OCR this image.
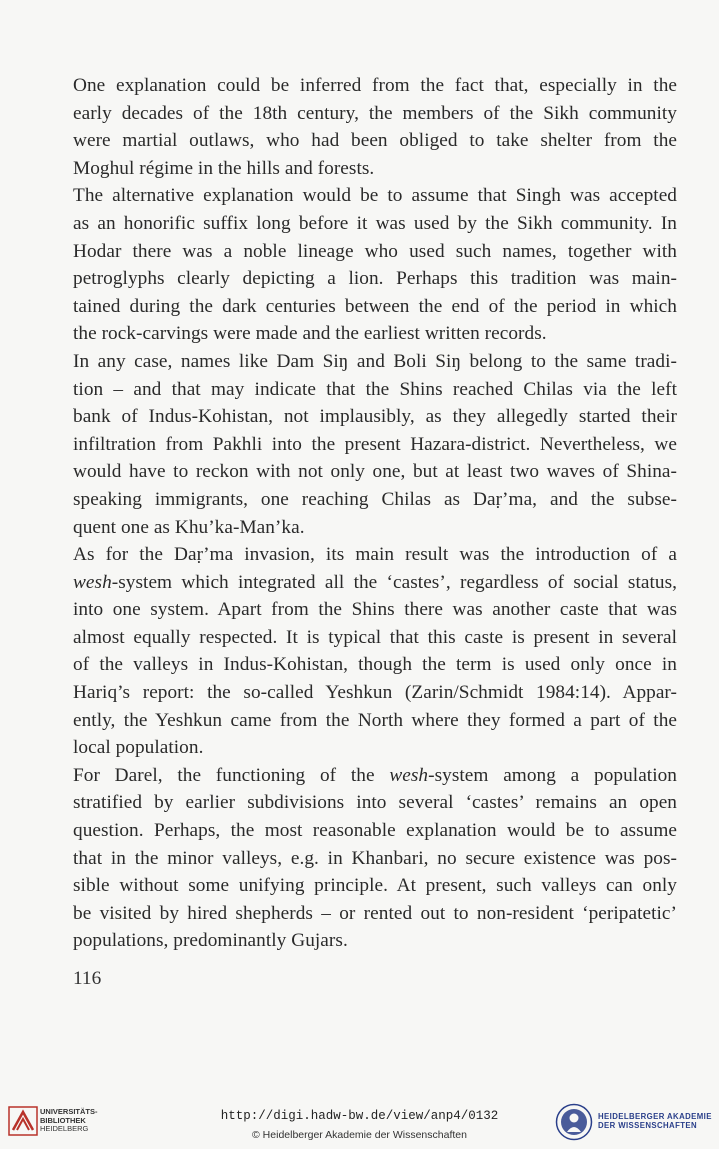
One explanation could be inferred from the fact that, especially in the
early decades of the 18th century, the members of the Sikh community
were martial outlaws, who had been obliged to take shelter from the
Moghul régime in the hills and forests.
The alternative explanation would be to assume that Singh was accepted
as an honorific suffix long before it was used by the Sikh community. In
Hodar there was a noble lineage who used such names, together with
petroglyphs clearly depicting a lion. Perhaps this tradition was main-
tained during the dark centuries between the end of the period in which
the rock-carvings were made and the earliest written records.
In any case, names like Dam Siŋ and Boli Siŋ belong to the same tradi-
tion – and that may indicate that the Shins reached Chilas via the left
bank of Indus-Kohistan, not implausibly, as they allegedly started their
infiltration from Pakhli into the present Hazara-district. Nevertheless, we
would have to reckon with not only one, but at least two waves of Shina-
speaking immigrants, one reaching Chilas as Daṛ’ma, and the subse-
quent one as Khu’ka-Man’ka.
As for the Daṛ’ma invasion, its main result was the introduction of a
wesh-system which integrated all the ‘castes’, regardless of social status,
into one system. Apart from the Shins there was another caste that was
almost equally respected. It is typical that this caste is present in several
of the valleys in Indus-Kohistan, though the term is used only once in
Hariq’s report: the so-called Yeshkun (Zarin/Schmidt 1984:14). Appar-
ently, the Yeshkun came from the North where they formed a part of the
local population.
For Darel, the functioning of the wesh-system among a population
stratified by earlier subdivisions into several ‘castes’ remains an open
question. Perhaps, the most reasonable explanation would be to assume
that in the minor valleys, e.g. in Khanbari, no secure existence was pos-
sible without some unifying principle. At present, such valleys can only
be visited by hired shepherds – or rented out to non-resident ‘peripatetic’
populations, predominantly Gujars.
116
UNIVERSITÄTS-
BIBLIOTHEK
HEIDELBERG
http://digi.hadw-bw.de/view/anp4/0132
© Heidelberger Akademie der Wissenschaften
HEIDELBERGER AKADEMIE
DER WISSENSCHAFTEN
